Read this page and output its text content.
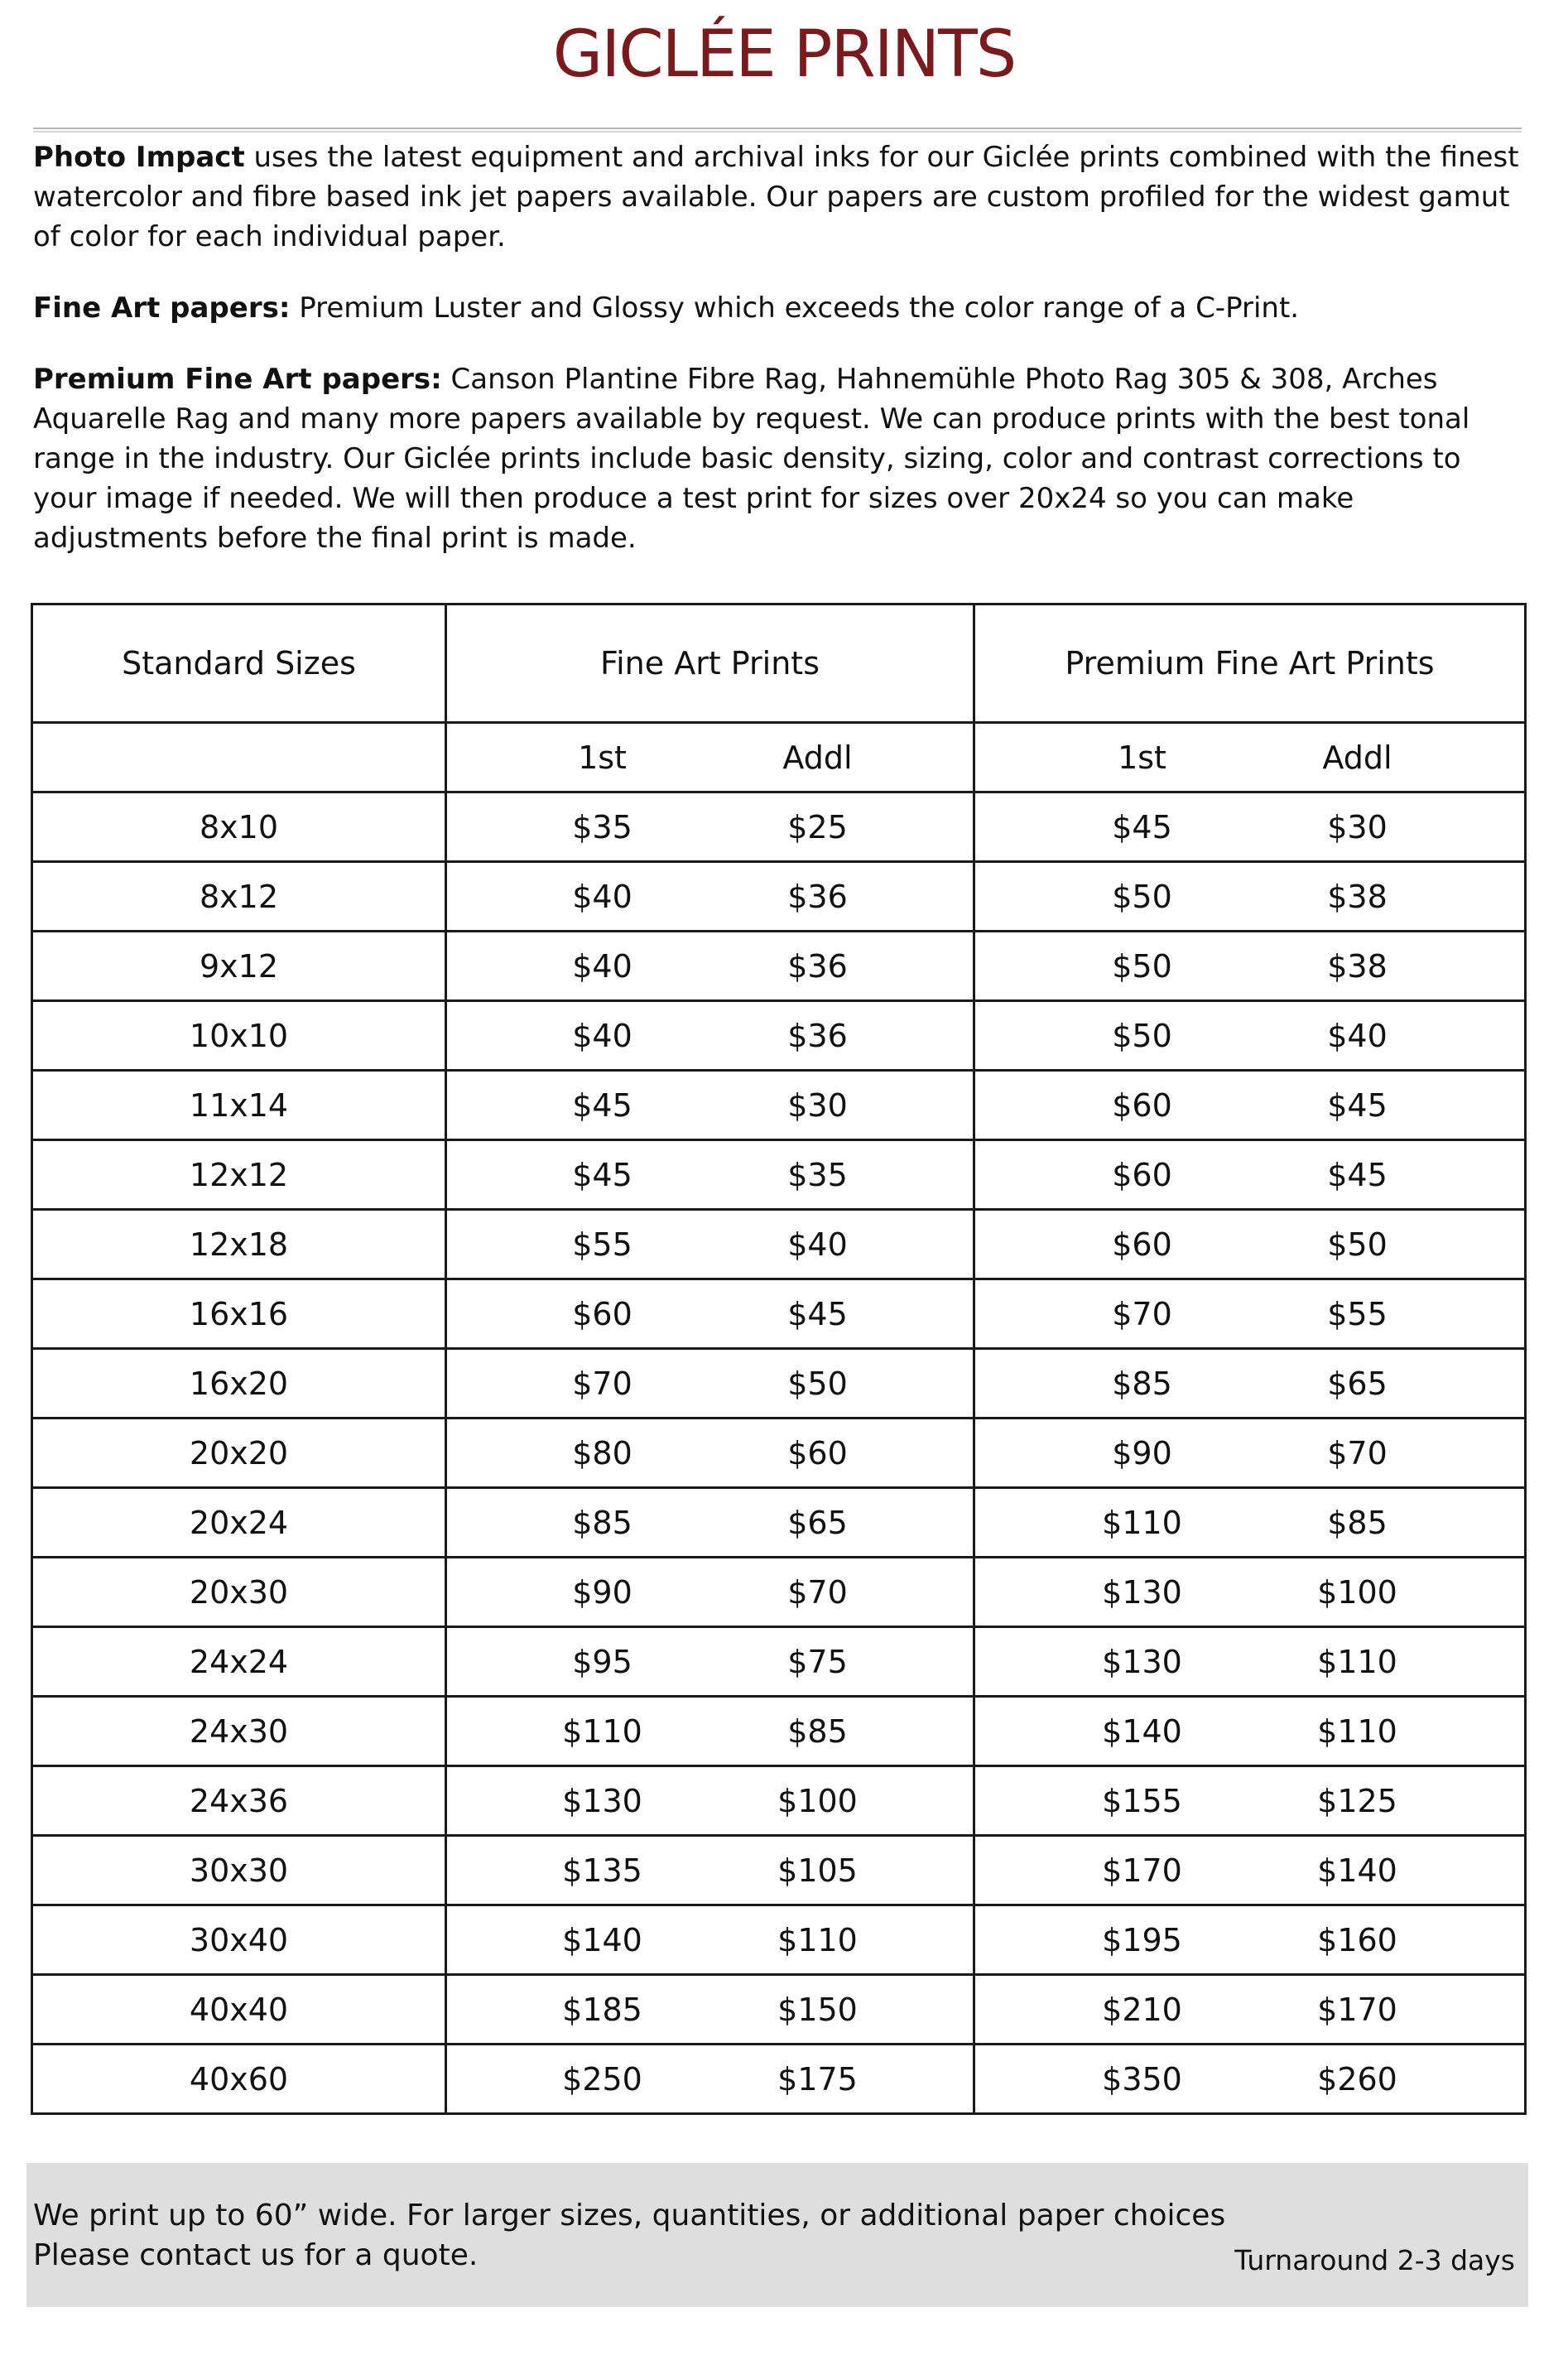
GICLÉE PRINTS

Photo Impact uses the latest equipment and archival inks for our Giclée prints combined with the finest watercolor and fibre based ink jet papers available. Our papers are custom profiled for the widest gamut of color for each individual paper.

Fine Art papers: Premium Luster and Glossy which exceeds the color range of a C-Print.

Premium Fine Art papers: Canson Plantine Fibre Rag, Hahnemühle Photo Rag 305 & 308, Arches Aquarelle Rag and many more papers available by request. We can produce prints with the best tonal range in the industry. Our Giclée prints include basic density, sizing, color and contrast corrections to your image if needed. We will then produce a test print for sizes over 20x24 so you can make adjustments before the final print is made.

Standard Sizes	Fine Art Prints	Premium Fine Art Prints

	1st Addl	1st Addl

8x10	$35 $25	$45 $30

8x12	$40 $36	$50 $38

9x12	$40 $36	$50 $38

10x10	$40 $36	$50 $40

11x14	$45 $30	$60 $45

12x12	$45 $35	$60 $45

12x18	$55 $40	$60 $50

16x16	$60 $45	$70 $55

16x20	$70 $50	$85 $65

20x20	$80 $60	$90 $70

20x24	$85 $65	$110 $85

20x30	$90 $70	$130 $100

24x24	$95 $75	$130 $110

24x30	$110 $85	$140 $110

24x36	$130 $100	$155 $125

30x30	$135 $105	$170 $140

30x40	$140 $110	$195 $160

40x40	$185 $150	$210 $170

40x60	$250 $175	$350 $260
We print up to 60” wide. For larger sizes, quantities, or additional paper choices
Please contact us for a quote.	Turnaround 2-3 days
